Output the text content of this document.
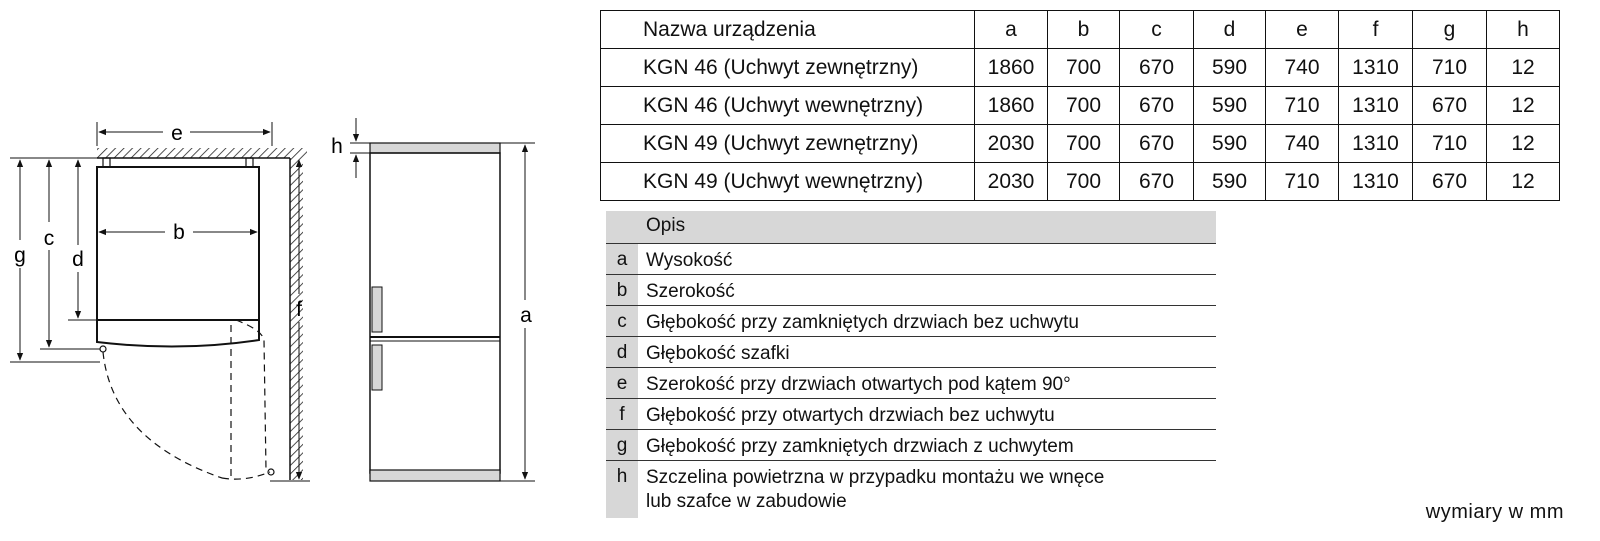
e
b
g
c
d
f
h
a
Nazwa urządzenia	a	b	c	d	e	f	g	h
KGN 46 (Uchwyt zewnętrzny)	1860	700	670	590	740	1310	710	12
KGN 46 (Uchwyt wewnętrzny)	1860	700	670	590	710	1310	670	12
KGN 49 (Uchwyt zewnętrzny)	2030	700	670	590	740	1310	710	12
KGN 49 (Uchwyt wewnętrzny)	2030	700	670	590	710	1310	670	12
Opis
a Wysokość
b Szerokość
c	Głębokość przy zamkniętych drzwiach bez uchwytu
d Głębokość szafki
e Szerokość przy drzwiach otwartych pod kątem 90°
f	Głębokość przy otwartych drzwiach bez uchwytu
g Głębokość przy zamkniętych drzwiach z uchwytem
h Szczelina powietrzna w przypadku montażu we wnęce
lub szafce w zabudowie	wymiary w mm
